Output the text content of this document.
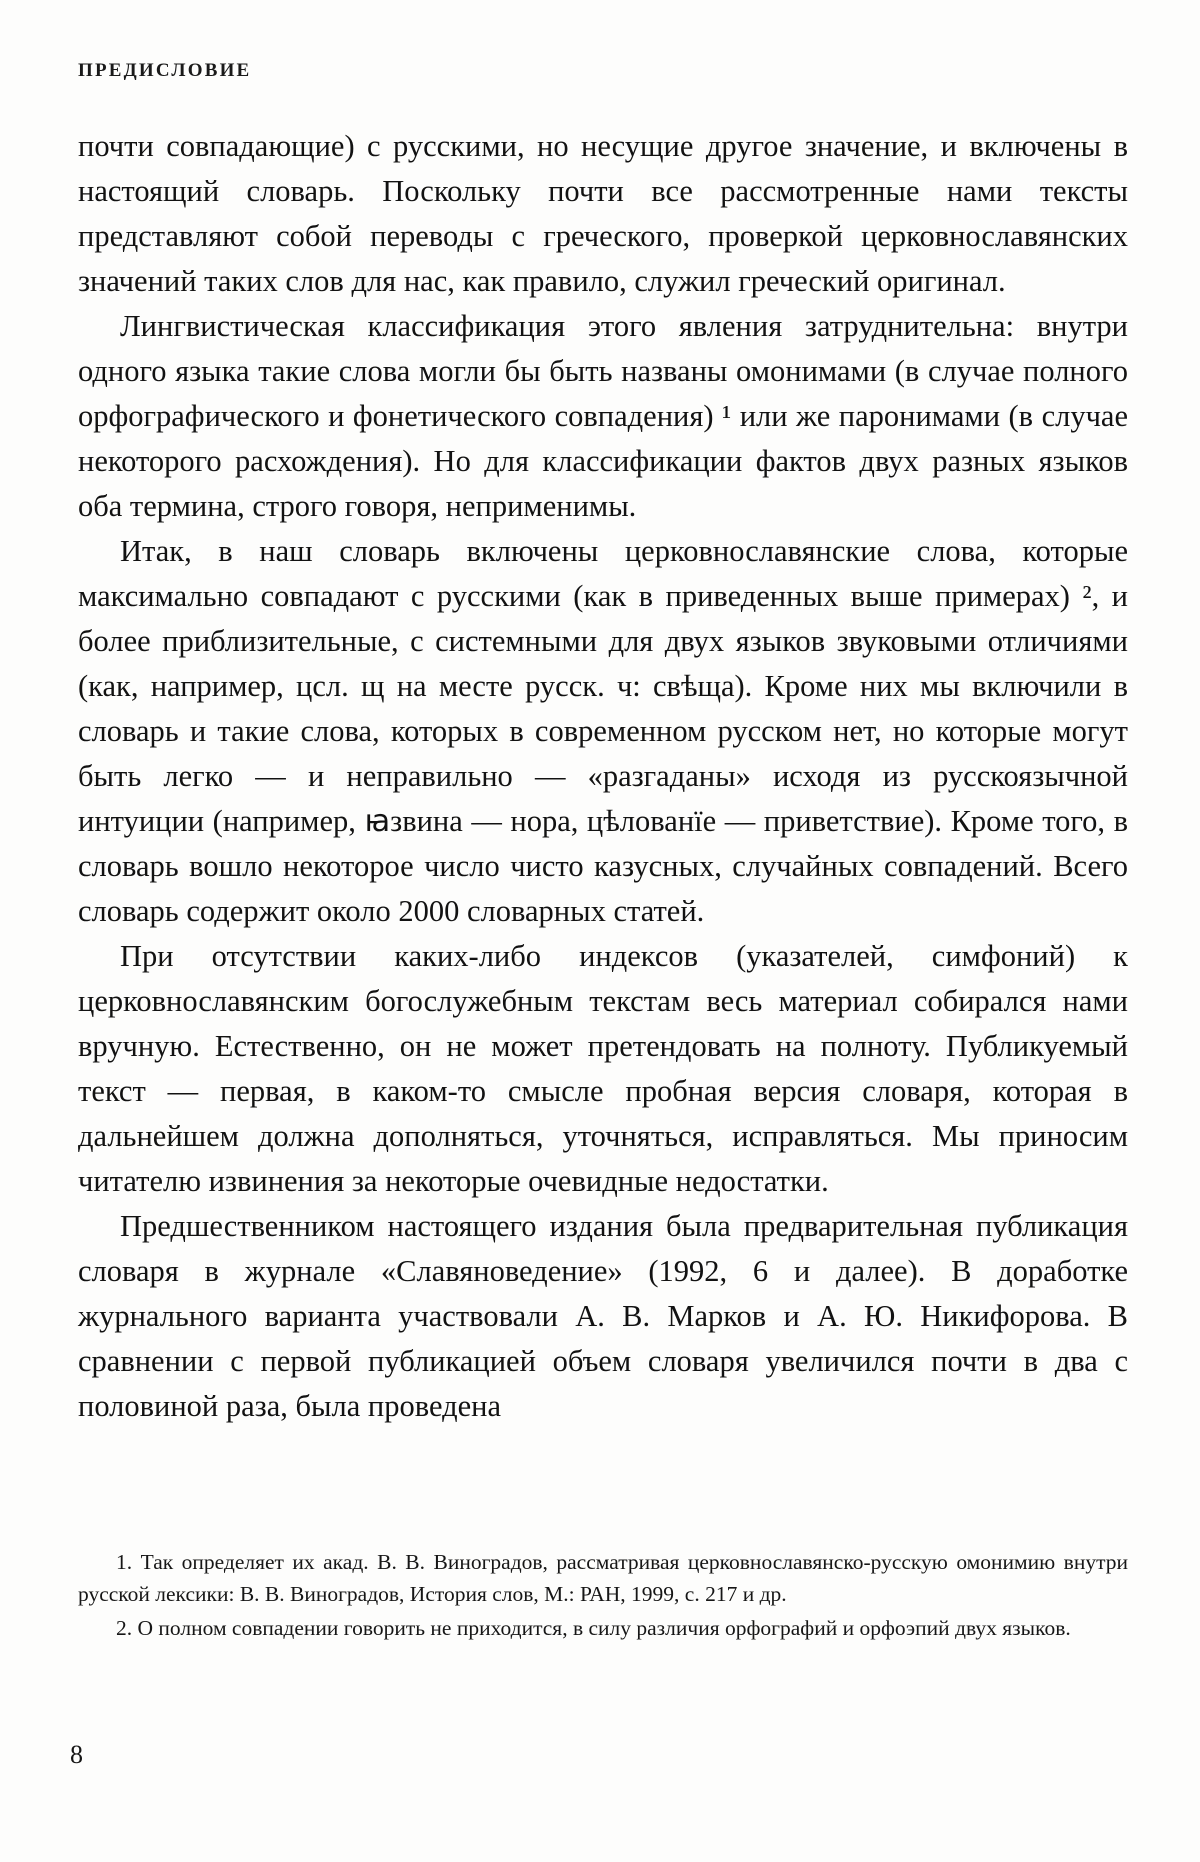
ПРЕДИСЛОВИЕ

почти совпадающие) с русскими, но несущие другое значение, и включены в настоящий словарь. Поскольку почти все рассмотренные нами тексты представляют собой переводы с греческого, проверкой церковнославянских значений таких слов для нас, как правило, служил греческий оригинал.

Лингвистическая классификация этого явления затруднительна: внутри одного языка такие слова могли бы быть названы омонимами (в случае полного орфографического и фонетического совпадения) ¹ или же паронимами (в случае некоторого расхождения). Но для классификации фактов двух разных языков оба термина, строго говоря, неприменимы.

Итак, в наш словарь включены церковнославянские слова, которые максимально совпадают с русскими (как в приведенных выше примерах) ², и более приблизительные, с системными для двух языков звуковыми отличиями (как, например, цсл. щ на месте русск. ч: свѣща). Кроме них мы включили в словарь и такие слова, которых в современном русском нет, но которые могут быть легко — и неправильно — «разгаданы» исходя из русскоязычной интуиции (например, ꙗзвина — нора, цѣлованїе — приветствие). Кроме того, в словарь вошло некоторое число чисто казусных, случайных совпадений. Всего словарь содержит около 2000 словарных статей.

При отсутствии каких-либо индексов (указателей, симфоний) к церковнославянским богослужебным текстам весь материал собирался нами вручную. Естественно, он не может претендовать на полноту. Публикуемый текст — первая, в каком-то смысле пробная версия словаря, которая в дальнейшем должна дополняться, уточняться, исправляться. Мы приносим читателю извинения за некоторые очевидные недостатки.

Предшественником настоящего издания была предварительная публикация словаря в журнале «Славяноведение» (1992, 6 и далее). В доработке журнального варианта участвовали А. В. Марков и А. Ю. Никифорова. В сравнении с первой публикацией объем словаря увеличился почти в два с половиной раза, была проведена

1. Так определяет их акад. В. В. Виноградов, рассматривая церковнославянско-русскую омонимию внутри русской лексики: В. В. Виноградов, История слов, М.: РАН, 1999, с. 217 и др.

2. О полном совпадении говорить не приходится, в силу различия орфографий и орфоэпий двух языков.

8
